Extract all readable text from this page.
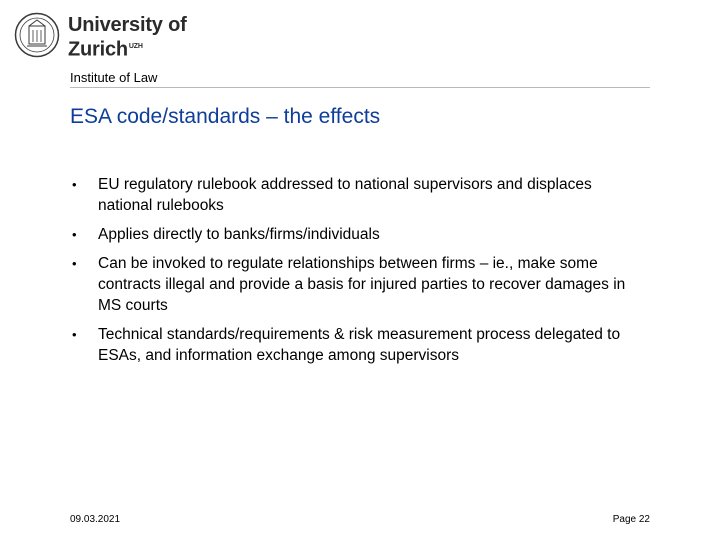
University of
Zurich$^{UZH}$
Institute of Law
ESA code/standards – the effects
• EU regulatory rulebook addressed to national supervisors and displaces national rulebooks
• Applies directly to banks/firms/individuals
• Can be invoked to regulate relationships between firms – ie., make some contracts illegal and provide a basis for injured parties to recover damages in MS courts
• Technical standards/requirements & risk measurement process delegated to ESAs, and information exchange among supervisors
09.03.2021	Page 22
